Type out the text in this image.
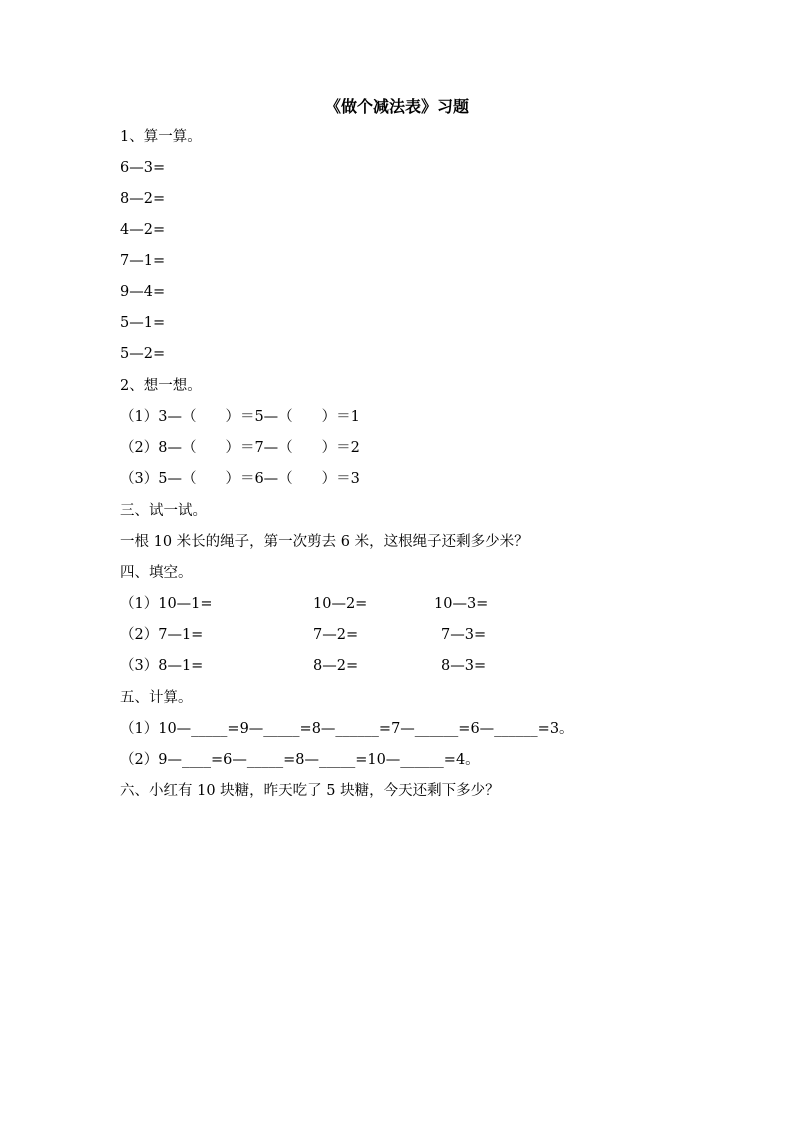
《做个减法表》习题
1、算一算。
6—3=
8—2=
4—2=
7—1=
9—4=
5—1=
5—2=
2、想一想。
（1）3—（　　）＝5—（　　）＝1
（2）8—（　　）＝7—（　　）＝2
（3）5—（　　）＝6—（　　）＝3
三、试一试。
一根 10 米长的绳子，第一次剪去 6 米，这根绳子还剩多少米？
四、填空。
（1）10—1=	10—2=	10—3=
（2）7—1=	7—2=	7—3=
（3）8—1=	8—2=	8—3=
五、计算。
（1）10—_____=9—_____=8—______=7—______=6—______=3。
（2）9—____=6—_____=8—_____=10—______=4。
六、小红有 10 块糖，昨天吃了 5 块糖，今天还剩下多少？
